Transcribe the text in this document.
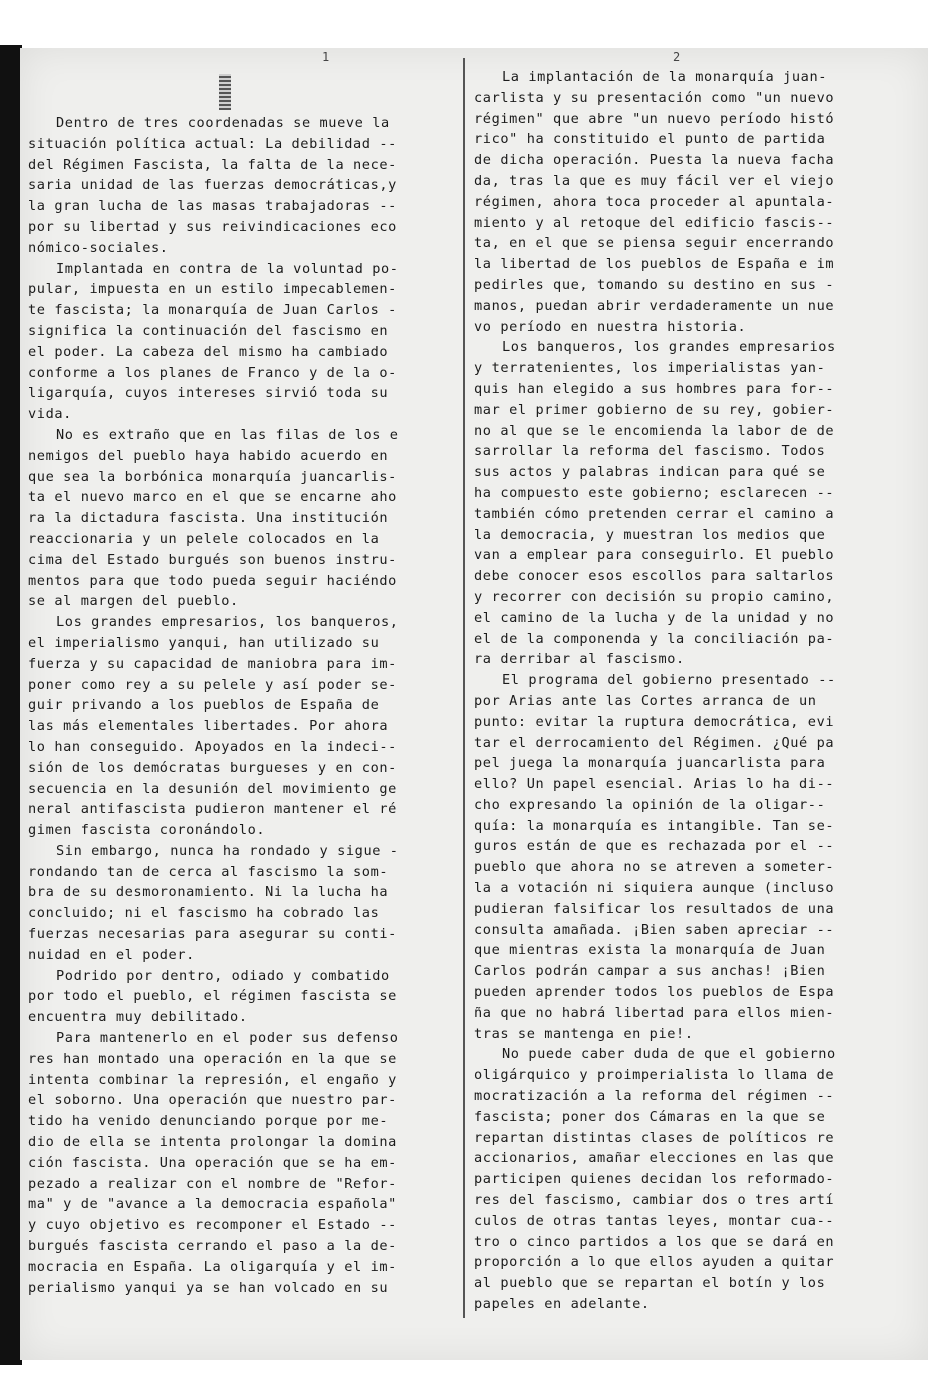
1	2

Dentro de tres coordenadas se mueve la

situación política actual: La debilidad --

del Régimen Fascista, la falta de la nece-

saria unidad de las fuerzas democráticas,y

la gran lucha de las masas trabajadoras --

por su libertad y sus reivindicaciones eco

nómico-sociales.

Implantada en contra de la voluntad po-

pular, impuesta en un estilo impecablemen-

te fascista; la monarquía de Juan Carlos -

significa la continuación del fascismo en

el poder. La cabeza del mismo ha cambiado

conforme a los planes de Franco y de la o-

ligarquía, cuyos intereses sirvió toda su

vida.

No es extraño que en las filas de los e

nemigos del pueblo haya habido acuerdo en

que sea la borbónica monarquía juancarlis-

ta el nuevo marco en el que se encarne aho

ra la dictadura fascista. Una institución

reaccionaria y un pelele colocados en la

cima del Estado burgués son buenos instru-

mentos para que todo pueda seguir haciéndo

se al margen del pueblo.

Los grandes empresarios, los banqueros,

el imperialismo yanqui, han utilizado su

fuerza y su capacidad de maniobra para im-

poner como rey a su pelele y así poder se-

guir privando a los pueblos de España de

las más elementales libertades. Por ahora

lo han conseguido. Apoyados en la indeci--

sión de los demócratas burgueses y en con-

secuencia en la desunión del movimiento ge

neral antifascista pudieron mantener el ré

gimen fascista coronándolo.

Sin embargo, nunca ha rondado y sigue -

rondando tan de cerca al fascismo la som-

bra de su desmoronamiento. Ni la lucha ha

concluido; ni el fascismo ha cobrado las

fuerzas necesarias para asegurar su conti-

nuidad en el poder.

Podrido por dentro, odiado y combatido

por todo el pueblo, el régimen fascista se

encuentra muy debilitado.

Para mantenerlo en el poder sus defenso

res han montado una operación en la que se

intenta combinar la represión, el engaño y

el soborno. Una operación que nuestro par-

tido ha venido denunciando porque por me-

dio de ella se intenta prolongar la domina

ción fascista. Una operación que se ha em-

pezado a realizar con el nombre de "Refor-

ma" y de "avance a la democracia española"

y cuyo objetivo es recomponer el Estado --

burgués fascista cerrando el paso a la de-

mocracia en España. La oligarquía y el im-

perialismo yanqui ya se han volcado en su

La implantación de la monarquía juan-

carlista y su presentación como "un nuevo

régimen" que abre "un nuevo período histó

rico" ha constituido el punto de partida

de dicha operación. Puesta la nueva facha

da, tras la que es muy fácil ver el viejo

régimen, ahora toca proceder al apuntala-

miento y al retoque del edificio fascis--

ta, en el que se piensa seguir encerrando

la libertad de los pueblos de España e im

pedirles que, tomando su destino en sus -

manos, puedan abrir verdaderamente un nue

vo período en nuestra historia.

Los banqueros, los grandes empresarios

y terratenientes, los imperialistas yan-

quis han elegido a sus hombres para for--

mar el primer gobierno de su rey, gobier-

no al que se le encomienda la labor de de

sarrollar la reforma del fascismo. Todos

sus actos y palabras indican para qué se

ha compuesto este gobierno; esclarecen --

también cómo pretenden cerrar el camino a

la democracia, y muestran los medios que

van a emplear para conseguirlo. El pueblo

debe conocer esos escollos para saltarlos

y recorrer con decisión su propio camino,

el camino de la lucha y de la unidad y no

el de la componenda y la conciliación pa-

ra derribar al fascismo.

El programa del gobierno presentado --

por Arias ante las Cortes arranca de un

punto: evitar la ruptura democrática, evi

tar el derrocamiento del Régimen. ¿Qué pa

pel juega la monarquía juancarlista para

ello? Un papel esencial. Arias lo ha di--

cho expresando la opinión de la oligar--

quía: la monarquía es intangible. Tan se-

guros están de que es rechazada por el --

pueblo que ahora no se atreven a someter-

la a votación ni siquiera aunque (incluso

pudieran falsificar los resultados de una

consulta amañada. ¡Bien saben apreciar --

que mientras exista la monarquía de Juan

Carlos podrán campar a sus anchas! ¡Bien

pueden aprender todos los pueblos de Espa

ña que no habrá libertad para ellos mien-

tras se mantenga en pie!.

No puede caber duda de que el gobierno

oligárquico y proimperialista lo llama de

mocratización a la reforma del régimen --

fascista; poner dos Cámaras en la que se

repartan distintas clases de políticos re

accionarios, amañar elecciones en las que

participen quienes decidan los reformado-

res del fascismo, cambiar dos o tres artí

culos de otras tantas leyes, montar cua--

tro o cinco partidos a los que se dará en

proporción a lo que ellos ayuden a quitar

al pueblo que se repartan el botín y los

papeles en adelante.
